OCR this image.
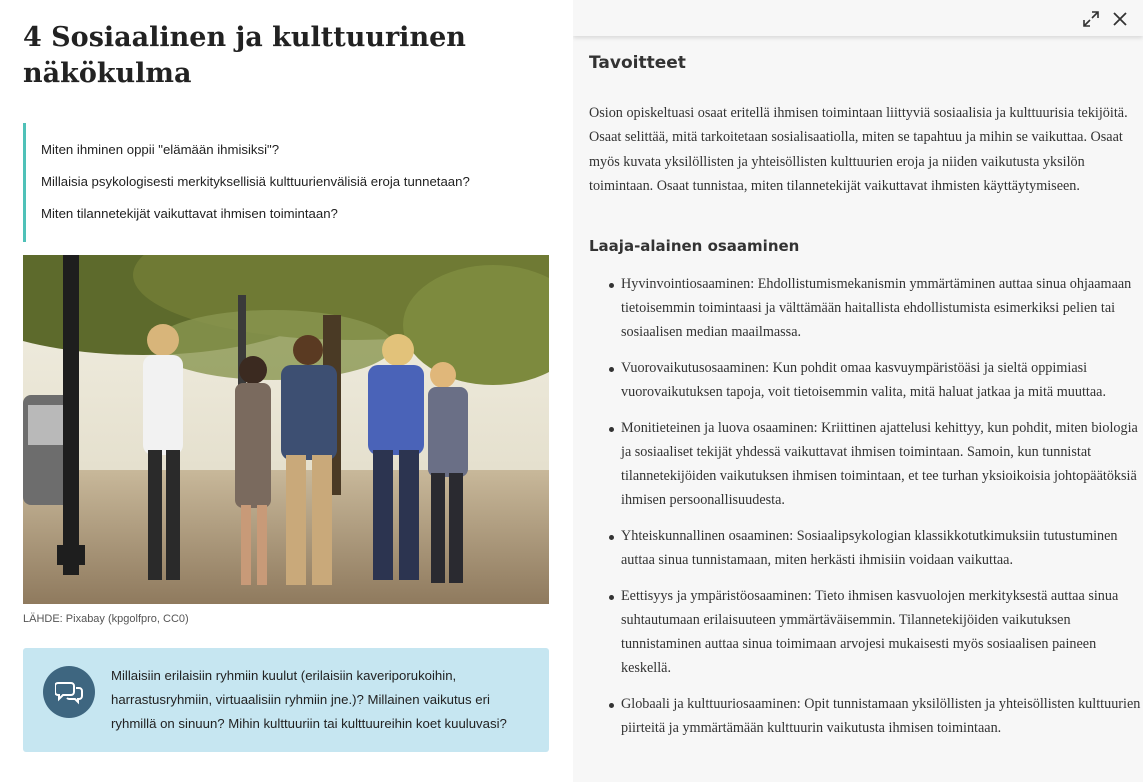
4 Sosiaalinen ja kulttuurinen näkökulma

Miten ihminen oppii "elämään ihmisiksi"?

Millaisia psykologisesti merkityksellisiä kulttuurienvälisiä eroja tunnetaan?

Miten tilannetekijät vaikuttavat ihmisen toimintaan?

LÄHDE: Pixabay (kpgolfpro, CC0)
Millaisiin erilaisiin ryhmiin kuulut (erilaisiin kaveriporukoihin, harrastusryhmiin, virtuaalisiin ryhmiin jne.)? Millainen vaikutus eri ryhmillä on sinuun? Mihin kulttuuriin tai kulttuureihin koet kuuluvasi?
Tavoitteet

Osion opiskeltuasi osaat eritellä ihmisen toimintaan liittyviä sosiaalisia ja kulttuurisia tekijöitä. Osaat selittää, mitä tarkoitetaan sosialisaatiolla, miten se tapahtuu ja mihin se vaikuttaa. Osaat myös kuvata yksilöllisten ja yhteisöllisten kulttuurien eroja ja niiden vaikutusta yksilön toimintaan. Osaat tunnistaa, miten tilannetekijät vaikuttavat ihmisten käyttäytymiseen.

Laaja-alainen osaaminen
Hyvinvointiosaaminen: Ehdollistumismekanismin ymmärtäminen auttaa sinua ohjaamaan tietoisemmin toimintaasi ja välttämään haitallista ehdollistumista esimerkiksi pelien tai sosiaalisen median maailmassa.
Vuorovaikutusosaaminen: Kun pohdit omaa kasvuympäristöäsi ja sieltä oppimiasi vuorovaikutuksen tapoja, voit tietoisemmin valita, mitä haluat jatkaa ja mitä muuttaa.
Monitieteinen ja luova osaaminen: Kriittinen ajattelusi kehittyy, kun pohdit, miten biologia ja sosiaaliset tekijät yhdessä vaikuttavat ihmisen toimintaan. Samoin, kun tunnistat tilannetekijöiden vaikutuksen ihmisen toimintaan, et tee turhan yksioikoisia johtopäätöksiä ihmisen persoonallisuudesta.
Yhteiskunnallinen osaaminen: Sosiaalipsykologian klassikkotutkimuksiin tutustuminen auttaa sinua tunnistamaan, miten herkästi ihmisiin voidaan vaikuttaa.
Eettisyys ja ympäristöosaaminen: Tieto ihmisen kasvuolojen merkityksestä auttaa sinua suhtautumaan erilaisuuteen ymmärtäväisemmin. Tilannetekijöiden vaikutuksen tunnistaminen auttaa sinua toimimaan arvojesi mukaisesti myös sosiaalisen paineen keskellä.
Globaali ja kulttuuriosaaminen: Opit tunnistamaan yksilöllisten ja yhteisöllisten kulttuurien piirteitä ja ymmärtämään kulttuurin vaikutusta ihmisen toimintaan.
